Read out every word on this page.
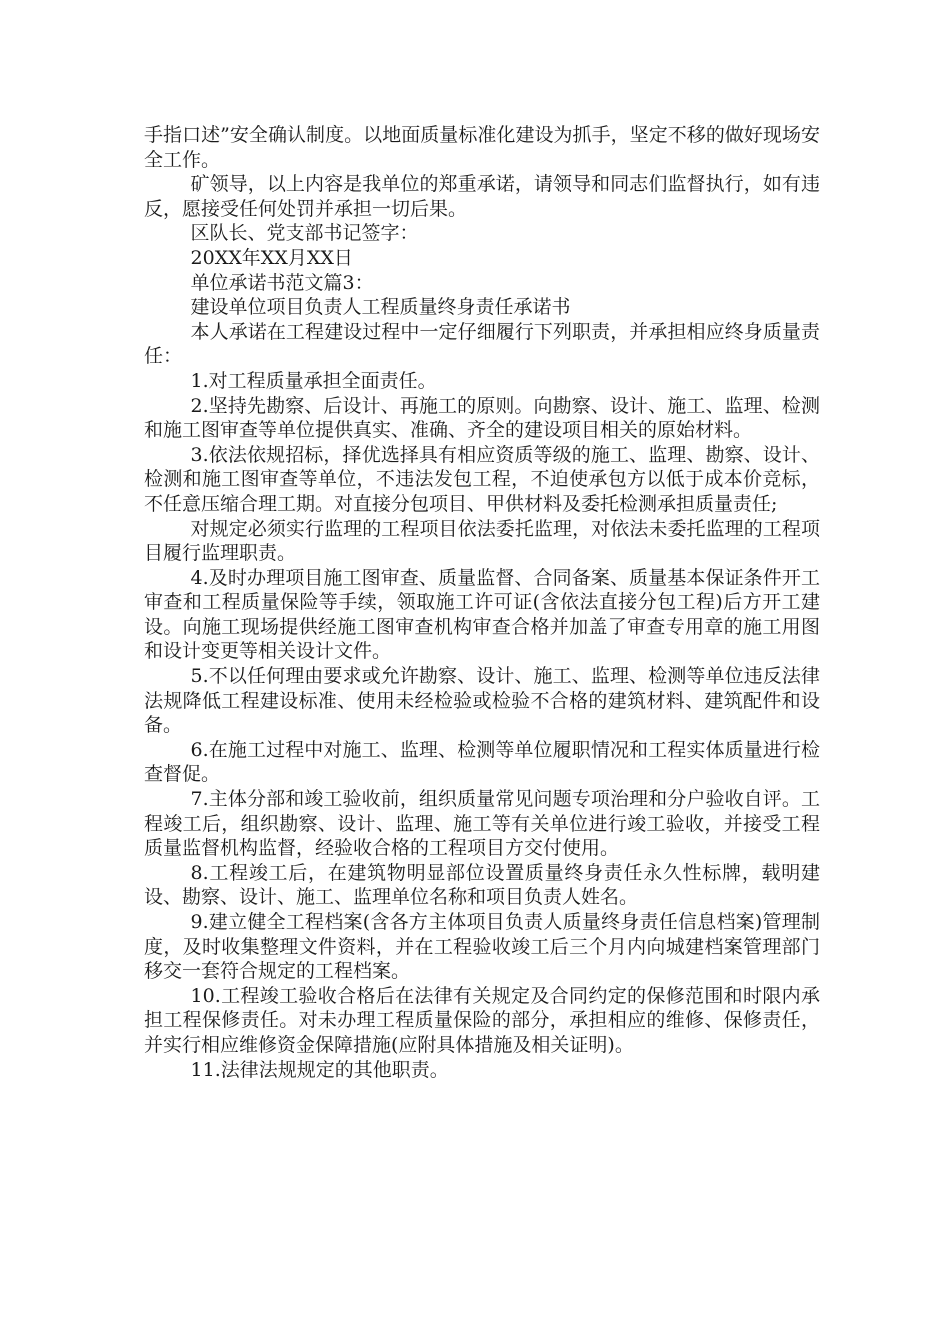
手指口述”安全确认制度。以地面质量标准化建设为抓手，坚定不移的做好现场安全工作。

矿领导，以上内容是我单位的郑重承诺，请领导和同志们监督执行，如有违反，愿接受任何处罚并承担一切后果。

区队长、党支部书记签字：

20XX年XX月XX日

单位承诺书范文篇3：

建设单位项目负责人工程质量终身责任承诺书

本人承诺在工程建设过程中一定仔细履行下列职责，并承担相应终身质量责任：

1.对工程质量承担全面责任。

2.坚持先勘察、后设计、再施工的原则。向勘察、设计、施工、监理、检测和施工图审查等单位提供真实、准确、齐全的建设项目相关的原始材料。

3.依法依规招标，择优选择具有相应资质等级的施工、监理、勘察、设计、检测和施工图审查等单位，不违法发包工程，不迫使承包方以低于成本价竞标，不任意压缩合理工期。对直接分包项目、甲供材料及委托检测承担质量责任;

对规定必须实行监理的工程项目依法委托监理，对依法未委托监理的工程项目履行监理职责。

4.及时办理项目施工图审查、质量监督、合同备案、质量基本保证条件开工审查和工程质量保险等手续，领取施工许可证(含依法直接分包工程)后方开工建设。向施工现场提供经施工图审查机构审查合格并加盖了审查专用章的施工用图和设计变更等相关设计文件。

5.不以任何理由要求或允许勘察、设计、施工、监理、检测等单位违反法律法规降低工程建设标准、使用未经检验或检验不合格的建筑材料、建筑配件和设备。

6.在施工过程中对施工、监理、检测等单位履职情况和工程实体质量进行检查督促。

7.主体分部和竣工验收前，组织质量常见问题专项治理和分户验收自评。工程竣工后，组织勘察、设计、监理、施工等有关单位进行竣工验收，并接受工程质量监督机构监督，经验收合格的工程项目方交付使用。

8.工程竣工后，在建筑物明显部位设置质量终身责任永久性标牌，载明建设、勘察、设计、施工、监理单位名称和项目负责人姓名。

9.建立健全工程档案(含各方主体项目负责人质量终身责任信息档案)管理制度，及时收集整理文件资料，并在工程验收竣工后三个月内向城建档案管理部门移交一套符合规定的工程档案。

10.工程竣工验收合格后在法律有关规定及合同约定的保修范围和时限内承担工程保修责任。对未办理工程质量保险的部分，承担相应的维修、保修责任，并实行相应维修资金保障措施(应附具体措施及相关证明)。

11.法律法规规定的其他职责。
